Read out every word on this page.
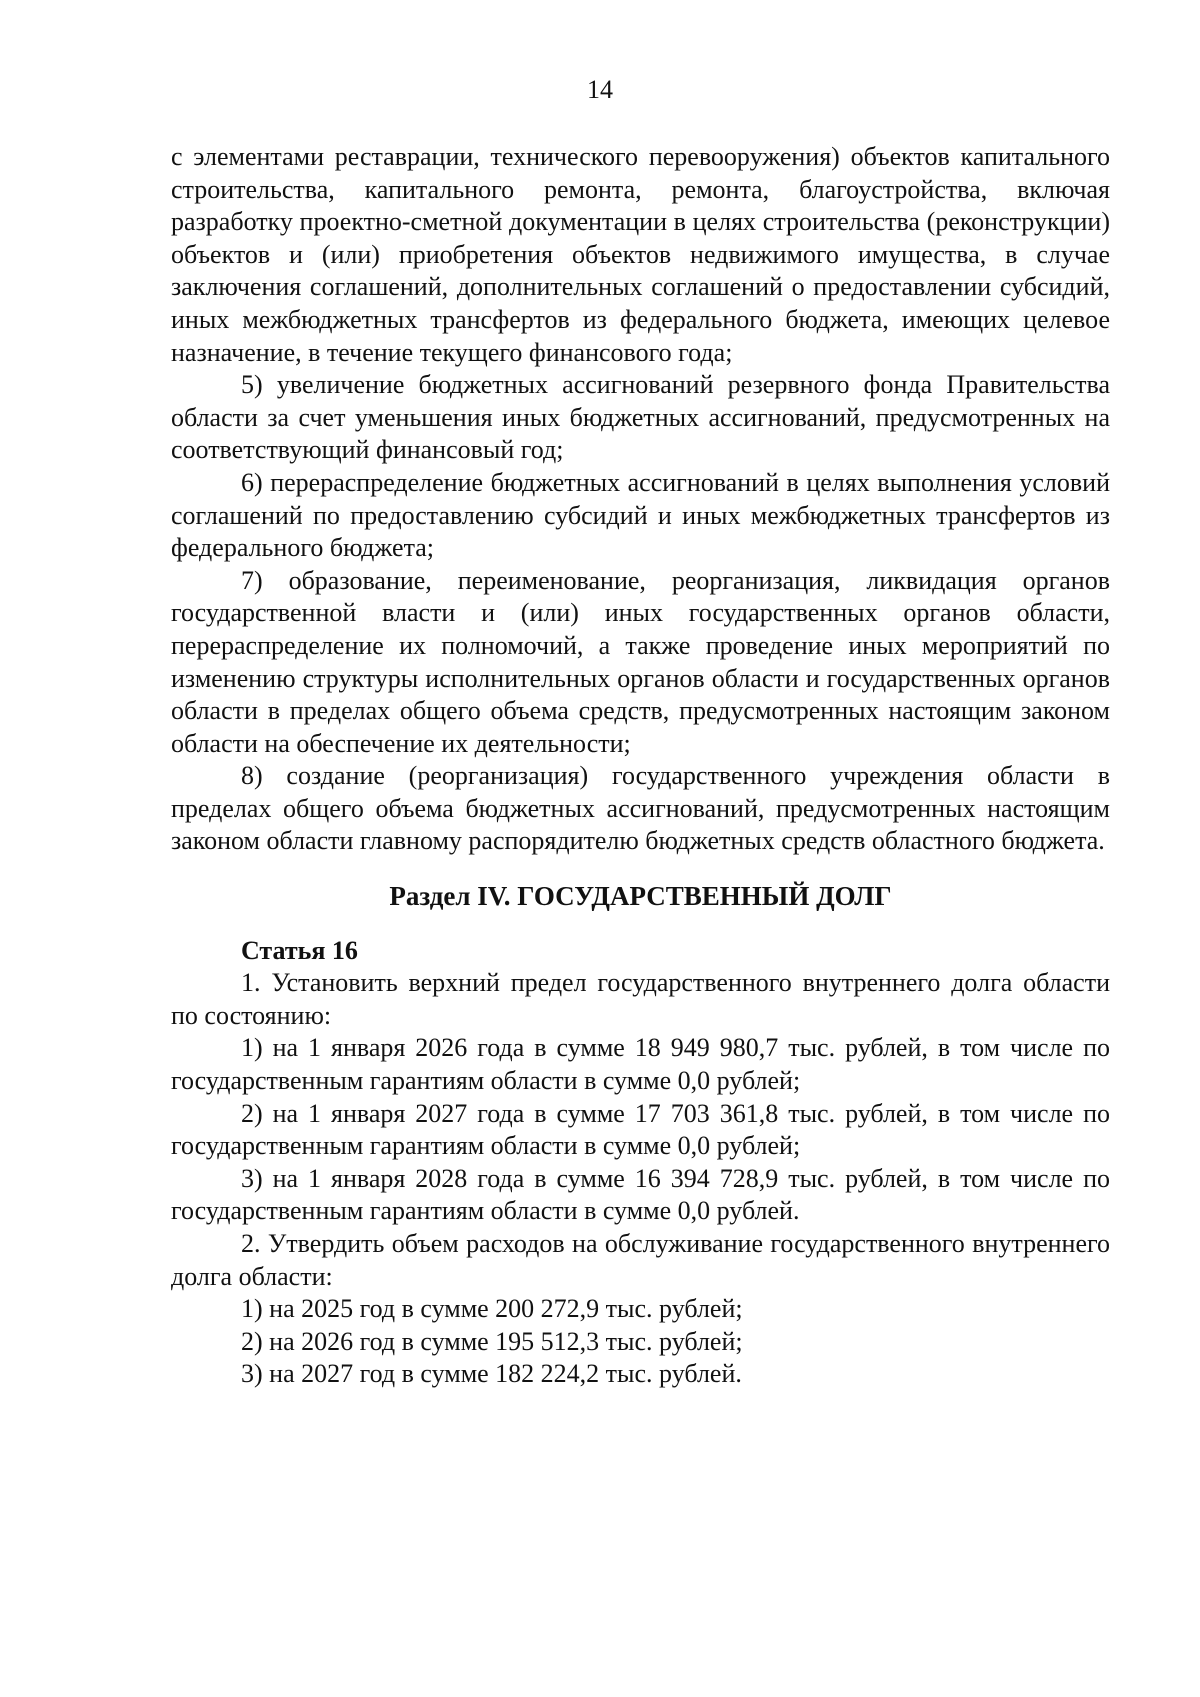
14

с элементами реставрации, технического перевооружения) объектов капитального строительства, капитального ремонта, ремонта, благоустройства, включая разработку проектно-сметной документации в целях строительства (реконструкции) объектов и (или) приобретения объектов недвижимого имущества, в случае заключения соглашений, дополнительных соглашений о предоставлении субсидий, иных межбюджетных трансфертов из федерального бюджета, имеющих целевое назначение, в течение текущего финансового года;

5) увеличение бюджетных ассигнований резервного фонда Правительства области за счет уменьшения иных бюджетных ассигнований, предусмотренных на соответствующий финансовый год;

6) перераспределение бюджетных ассигнований в целях выполнения условий соглашений по предоставлению субсидий и иных межбюджетных трансфертов из федерального бюджета;

7) образование, переименование, реорганизация, ликвидация органов государственной власти и (или) иных государственных органов области, перераспределение их полномочий, а также проведение иных мероприятий по изменению структуры исполнительных органов области и государственных органов области в пределах общего объема средств, предусмотренных настоящим законом области на обеспечение их деятельности;

8) создание (реорганизация) государственного учреждения области в пределах общего объема бюджетных ассигнований, предусмотренных настоящим законом области главному распорядителю бюджетных средств областного бюджета.

Раздел IV. ГОСУДАРСТВЕННЫЙ ДОЛГ

Статья 16

1. Установить верхний предел государственного внутреннего долга области по состоянию:

1) на 1 января 2026 года в сумме 18 949 980,7 тыс. рублей, в том числе по государственным гарантиям области в сумме 0,0 рублей;

2) на 1 января 2027 года в сумме 17 703 361,8 тыс. рублей, в том числе по государственным гарантиям области в сумме 0,0 рублей;

3) на 1 января 2028 года в сумме 16 394 728,9 тыс. рублей, в том числе по государственным гарантиям области в сумме 0,0 рублей.

2. Утвердить объем расходов на обслуживание государственного внутреннего долга области:

1) на 2025 год в сумме 200 272,9 тыс. рублей;

2) на 2026 год в сумме 195 512,3 тыс. рублей;

3) на 2027 год в сумме 182 224,2 тыс. рублей.
